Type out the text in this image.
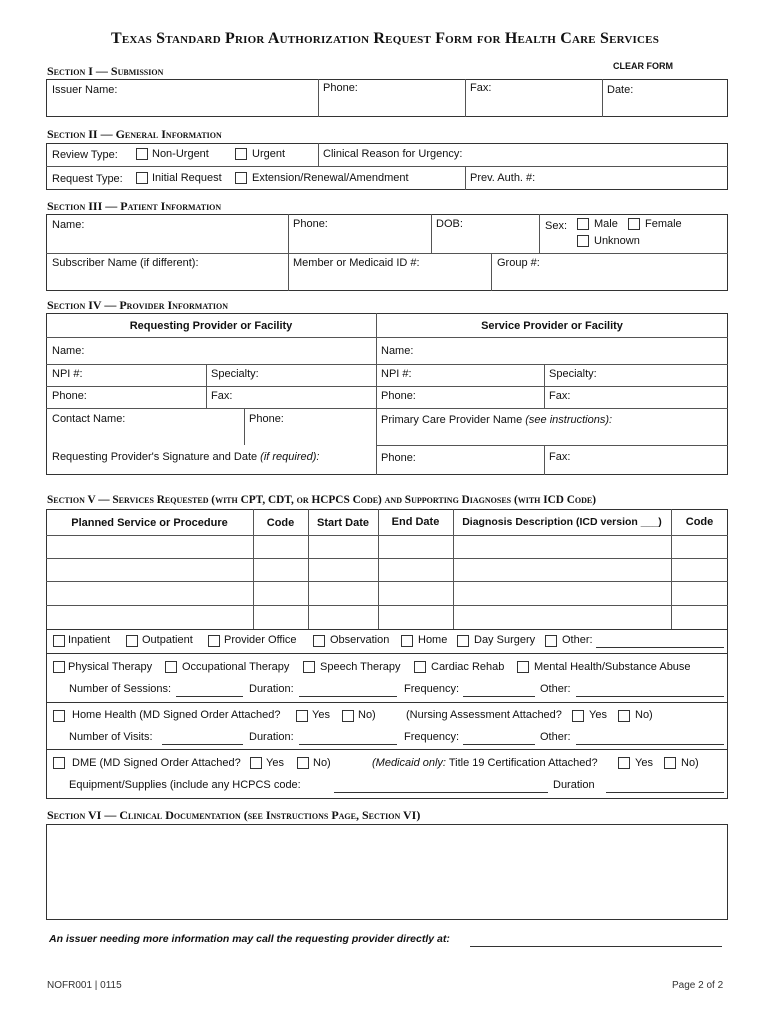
Texas Standard Prior Authorization Request Form for Health Care Services
Section I — Submission	CLEAR FORM
Issuer Name:	Phone:	Fax:	Date:
Section II — General Information
Review Type:	Non-Urgent	Urgent	Clinical Reason for Urgency:
Request Type:	Initial Request	Extension/Renewal/Amendment	Prev. Auth. #:
Section III — Patient Information
Name:	Phone:	DOB:	Sex: Male Female
Unknown
Subscriber Name (if different):	Member or Medicaid ID #:	Group #:
Section IV — Provider Information
Requesting Provider or Facility	Service Provider or Facility
Name:	Name:
NPI #:	Specialty:	NPI #:	Specialty:
Phone:	Fax:	Phone:	Fax:
Contact Name:	Phone:	Primary Care Provider Name (see instructions):
Requesting Provider's Signature and Date (if required):	Phone:	Fax:
Section V — Services Requested (with CPT, CDT, or HCPCS Code) and Supporting Diagnoses (with ICD Code)
Planned Service or Procedure	Code	Start Date	End Date	Diagnosis Description (ICD version ___)	Code
Inpatient	Outpatient	Provider Office	Observation	Home Day Surgery Other:
Physical Therapy	Occupational Therapy	Speech Therapy	Cardiac Rehab	Mental Health/Substance Abuse
Number of Sessions:	Duration:	Frequency:	Other:
Home Health (MD Signed Order Attached?	Yes	No)	(Nursing Assessment Attached? Yes	No)
Number of Visits:	Duration:	Frequency:	Other:
DME (MD Signed Order Attached? Yes	No)	(Medicaid only: Title 19 Certification Attached?	Yes	No)
Equipment/Supplies (include any HCPCS code:	Duration
Section VI — Clinical Documentation (see Instructions Page, Section VI)
An issuer needing more information may call the requesting provider directly at:
NOFR001 | 0115	Page 2 of 2
